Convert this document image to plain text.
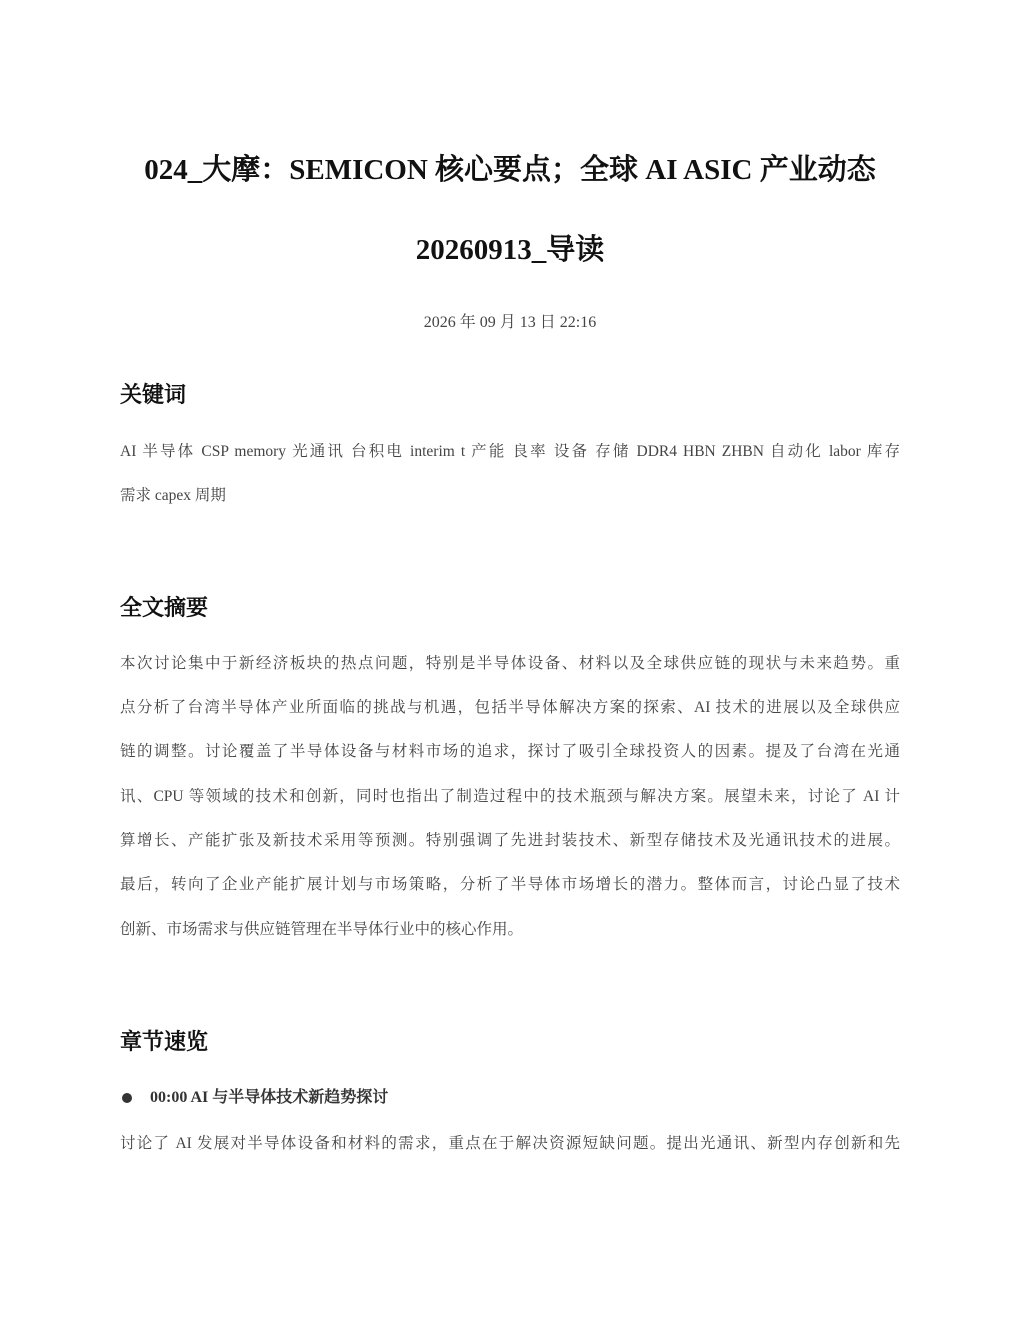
024_大摩：SEMICON 核心要点；全球 AI ASIC 产业动态
20260913_导读
2026 年 09 月 13 日 22:16
关键词
AI 半导体 CSP memory 光通讯 台积电 interim t 产能 良率 设备 存储 DDR4 HBN ZHBN 自动化 labor 库存
需求 capex 周期
全文摘要
本次讨论集中于新经济板块的热点问题，特别是半导体设备、材料以及全球供应链的现状与未来趋势。重
点分析了台湾半导体产业所面临的挑战与机遇，包括半导体解决方案的探索、AI 技术的进展以及全球供应
链的调整。讨论覆盖了半导体设备与材料市场的追求，探讨了吸引全球投资人的因素。提及了台湾在光通
讯、CPU 等领域的技术和创新，同时也指出了制造过程中的技术瓶颈与解决方案。展望未来，讨论了 AI 计
算增长、产能扩张及新技术采用等预测。特别强调了先进封装技术、新型存储技术及光通讯技术的进展。
最后，转向了企业产能扩展计划与市场策略，分析了半导体市场增长的潜力。整体而言，讨论凸显了技术
创新、市场需求与供应链管理在半导体行业中的核心作用。
章节速览
00:00 AI 与半导体技术新趋势探讨
讨论了 AI 发展对半导体设备和材料的需求，重点在于解决资源短缺问题。提出光通讯、新型内存创新和先
